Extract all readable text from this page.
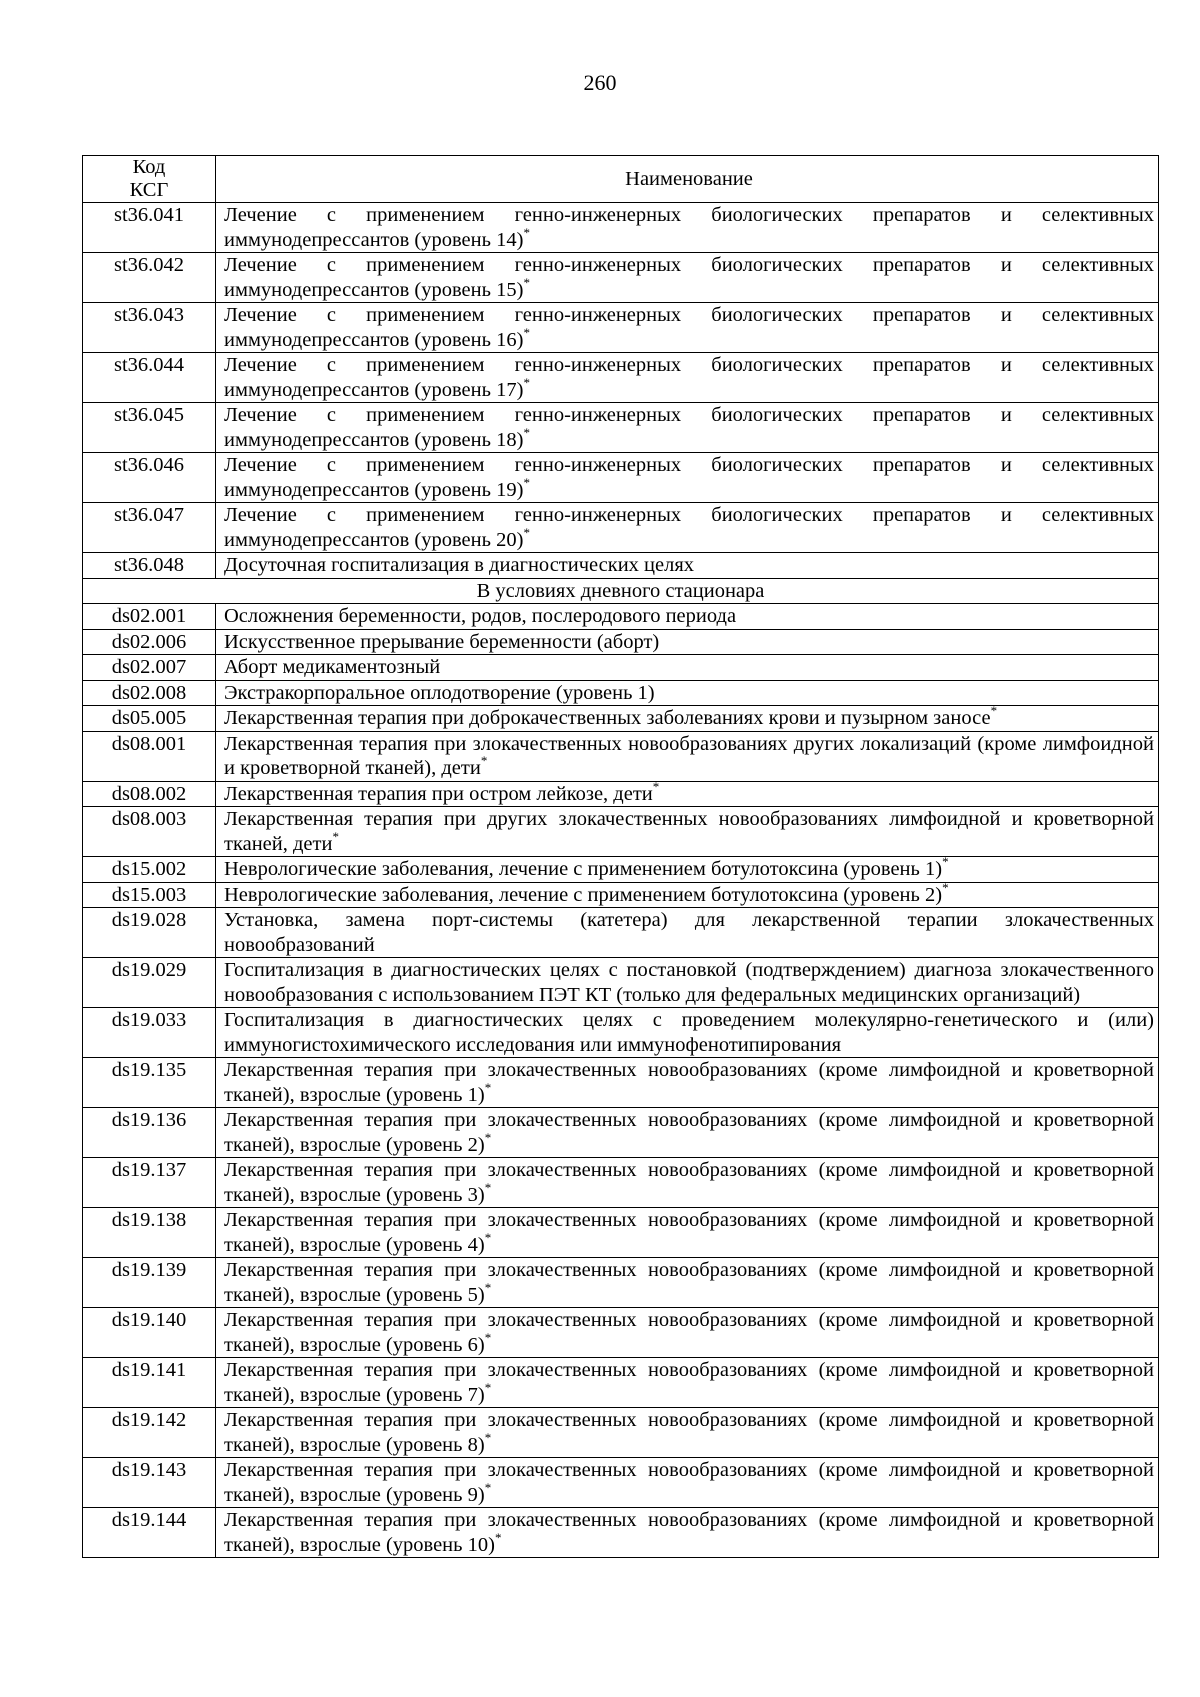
260
Код
КСГ	Наименование
st36.041	Лечение с применением генно-инженерных биологических препаратов и селективных иммунодепрессантов (уровень 14)*
st36.042	Лечение с применением генно-инженерных биологических препаратов и селективных иммунодепрессантов (уровень 15)*
st36.043	Лечение с применением генно-инженерных биологических препаратов и селективных иммунодепрессантов (уровень 16)*
st36.044	Лечение с применением генно-инженерных биологических препаратов и селективных иммунодепрессантов (уровень 17)*
st36.045	Лечение с применением генно-инженерных биологических препаратов и селективных иммунодепрессантов (уровень 18)*
st36.046	Лечение с применением генно-инженерных биологических препаратов и селективных иммунодепрессантов (уровень 19)*
st36.047	Лечение с применением генно-инженерных биологических препаратов и селективных иммунодепрессантов (уровень 20)*
st36.048	Досуточная госпитализация в диагностических целях
В условиях дневного стационара	
ds02.001	Осложнения беременности, родов, послеродового периода
ds02.006	Искусственное прерывание беременности (аборт)
ds02.007	Аборт медикаментозный
ds02.008	Экстракорпоральное оплодотворение (уровень 1)
ds05.005	Лекарственная терапия при доброкачественных заболеваниях крови и пузырном заносе*
ds08.001	Лекарственная терапия при злокачественных новообразованиях других локализаций (кроме лимфоидной и кроветворной тканей), дети*
ds08.002	Лекарственная терапия при остром лейкозе, дети*
ds08.003	Лекарственная терапия при других злокачественных новообразованиях лимфоидной и кроветворной тканей, дети*
ds15.002	Неврологические заболевания, лечение с применением ботулотоксина (уровень 1)*
ds15.003	Неврологические заболевания, лечение с применением ботулотоксина (уровень 2)*
ds19.028	Установка, замена порт-системы (катетера) для лекарственной терапии злокачественных новообразований
ds19.029	Госпитализация в диагностических целях с постановкой (подтверждением) диагноза злокачественного новообразования с использованием ПЭТ КТ (только для федеральных медицинских организаций)
ds19.033	Госпитализация в диагностических целях с проведением молекулярно-генетического и (или) иммуногистохимического исследования или иммунофенотипирования
ds19.135	Лекарственная терапия при злокачественных новообразованиях (кроме лимфоидной и кроветворной тканей), взрослые (уровень 1)*
ds19.136	Лекарственная терапия при злокачественных новообразованиях (кроме лимфоидной и кроветворной тканей), взрослые (уровень 2)*
ds19.137	Лекарственная терапия при злокачественных новообразованиях (кроме лимфоидной и кроветворной тканей), взрослые (уровень 3)*
ds19.138	Лекарственная терапия при злокачественных новообразованиях (кроме лимфоидной и кроветворной тканей), взрослые (уровень 4)*
ds19.139	Лекарственная терапия при злокачественных новообразованиях (кроме лимфоидной и кроветворной тканей), взрослые (уровень 5)*
ds19.140	Лекарственная терапия при злокачественных новообразованиях (кроме лимфоидной и кроветворной тканей), взрослые (уровень 6)*
ds19.141	Лекарственная терапия при злокачественных новообразованиях (кроме лимфоидной и кроветворной тканей), взрослые (уровень 7)*
ds19.142	Лекарственная терапия при злокачественных новообразованиях (кроме лимфоидной и кроветворной тканей), взрослые (уровень 8)*
ds19.143	Лекарственная терапия при злокачественных новообразованиях (кроме лимфоидной и кроветворной тканей), взрослые (уровень 9)*
ds19.144	Лекарственная терапия при злокачественных новообразованиях (кроме лимфоидной и кроветворной тканей), взрослые (уровень 10)*
